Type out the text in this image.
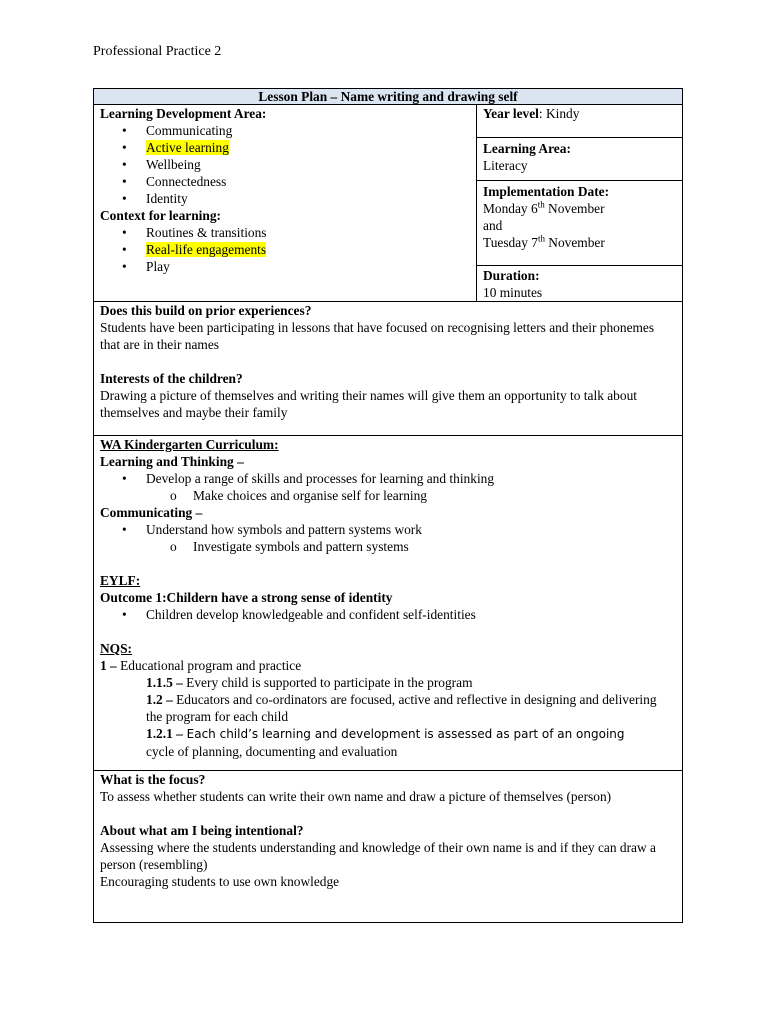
Professional Practice 2
Lesson Plan – Name writing and drawing self

Learning Development Area:
• Communicating
• Active learning
• Wellbeing
• Connectedness
• Identity
Context for learning:
• Routines & transitions
• Real-life engagements
• Play
	Year level: Kindy

Learning Area:
Literacy

Implementation Date:
Monday 6th November
and
Tuesday 7th November

Duration:
10 minutes

Does this build on prior experiences?
Students have been participating in lessons that have focused on recognising letters and their phonemes that are in their names
Interests of the children?
Drawing a picture of themselves and writing their names will give them an opportunity to talk about themselves and maybe their family

WA Kindergarten Curriculum:
Learning and Thinking –
• Develop a range of skills and processes for learning and thinking
o Make choices and organise self for learning
Communicating –
• Understand how symbols and pattern systems work
o Investigate symbols and pattern systems
EYLF:
Outcome 1:Childern have a strong sense of identity
• Children develop knowledgeable and confident self-identities
NQS:
1 – Educational program and practice
1.1.5 – Every child is supported to participate in the program
1.2 – Educators and co-ordinators are focused, active and reflective in designing and delivering the program for each child
1.2.1 – Each child’s learning and development is assessed as part of an ongoing
cycle of planning, documenting and evaluation

What is the focus?
To assess whether students can write their own name and draw a picture of themselves (person)
About what am I being intentional?
Assessing where the students understanding and knowledge of their own name is and if they can draw a person (resembling)
Encouraging students to use own knowledge
